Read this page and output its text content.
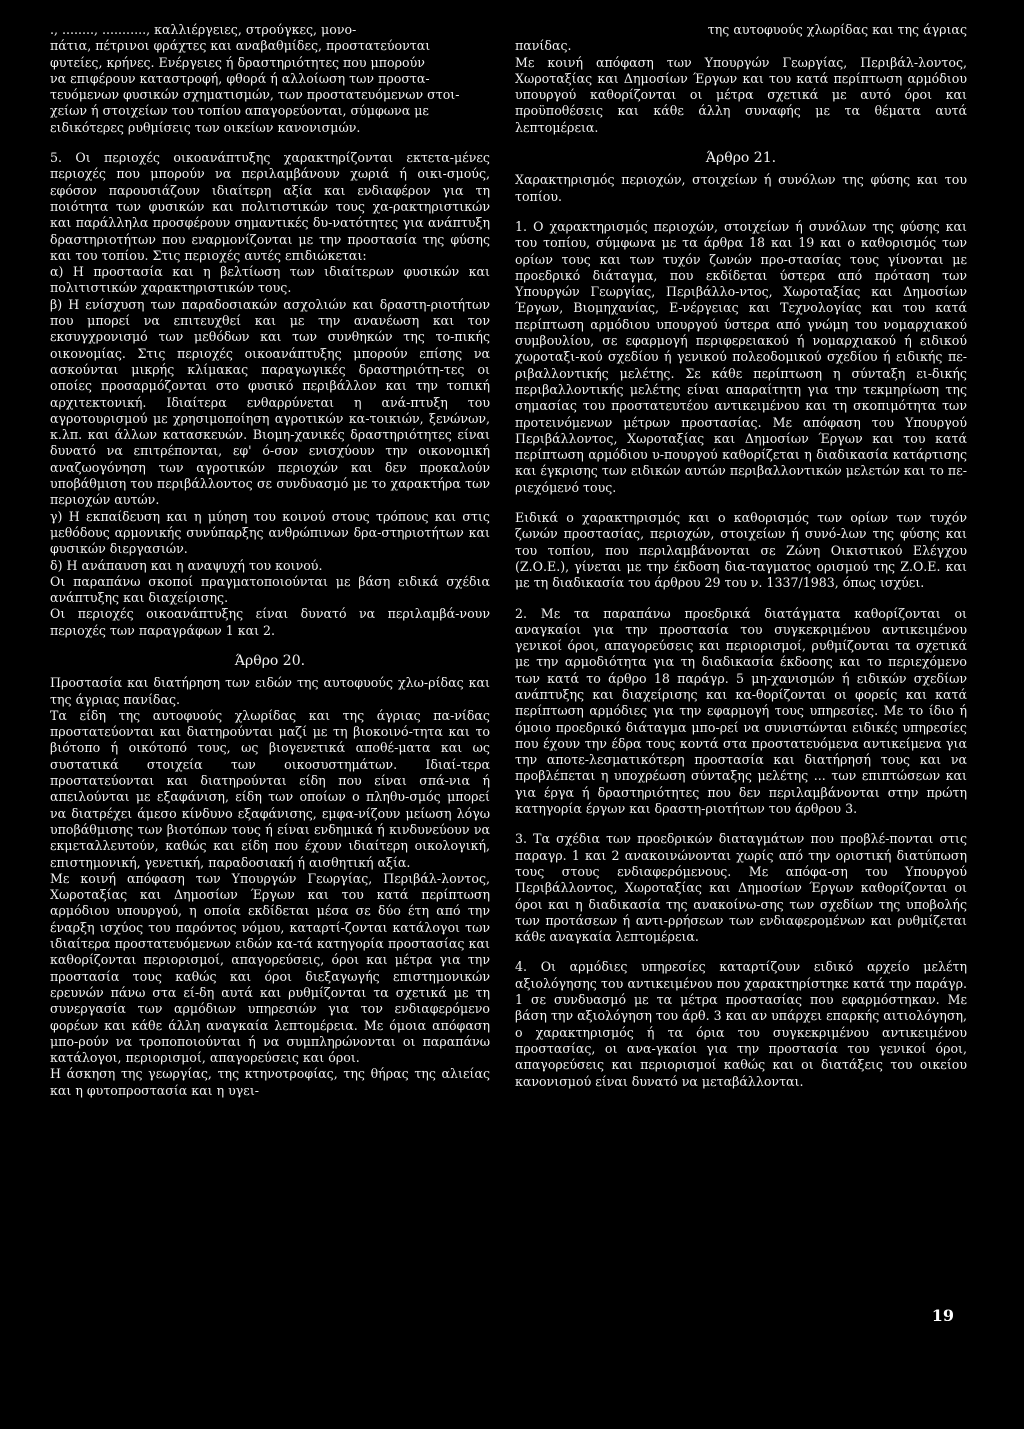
., ........, ..........., καλλιέργειες, στρούγκες, μονο-

πάτια, πέτρινοι φράχτες και αναβαθμίδες, προστατεύονται

φυτείες, κρήνες. Ενέργειες ή δραστηριότητες που μπορούν

να επιφέρουν καταστροφή, φθορά ή αλλοίωση των προστα-

τευόμενων φυσικών σχηματισμών, των προστατευόμενων στοι-

χείων ή στοιχείων του τοπίου απαγορεύονται, σύμφωνα με

ειδικότερες ρυθμίσεις των οικείων κανονισμών.

5. Οι περιοχές οικοανάπτυξης χαρακτηρίζονται εκτετα-μένες περιοχές που μπορούν να περιλαμβάνουν χωριά ή οικι-σμούς, εφόσον παρουσιάζουν ιδιαίτερη αξία και ενδιαφέρον για τη ποιότητα των φυσικών και πολιτιστικών τους χα-ρακτηριστικών και παράλληλα προσφέρουν σημαντικές δυ-νατότητες για ανάπτυξη δραστηριοτήτων που εναρμονίζονται με την προστασία της φύσης και του τοπίου. Στις περιοχές αυτές επιδιώκεται:

α) Η προστασία και η βελτίωση των ιδιαίτερων φυσικών και πολιτιστικών χαρακτηριστικών τους.

β) Η ενίσχυση των παραδοσιακών ασχολιών και δραστη-ριοτήτων που μπορεί να επιτευχθεί και με την ανανέωση και τον εκσυγχρονισμό των μεθόδων και των συνθηκών της το-πικής οικονομίας. Στις περιοχές οικοανάπτυξης μπορούν επίσης να ασκούνται μικρής κλίμακας παραγωγικές δραστηριότη-τες οι οποίες προσαρμόζονται στο φυσικό περιβάλλον και την τοπική αρχιτεκτονική. Ιδιαίτερα ενθαρρύνεται η ανά-πτυξη του αγροτουρισμού με χρησιμοποίηση αγροτικών κα-τοικιών, ξενώνων, κ.λπ. και άλλων κατασκευών. Βιομη-χανικές δραστηριότητες είναι δυνατό να επιτρέπονται, εφ' ό-σον ενισχύουν την οικονομική αναζωογόνηση των αγροτικών περιοχών και δεν προκαλούν υποβάθμιση του περιβάλλοντος σε συνδυασμό με το χαρακτήρα των περιοχών αυτών.

γ) Η εκπαίδευση και η μύηση του κοινού στους τρόπους και στις μεθόδους αρμονικής συνύπαρξης ανθρώπινων δρα-στηριοτήτων και φυσικών διεργασιών.

δ) Η ανάπαυση και η αναψυχή του κοινού.

Οι παραπάνω σκοποί πραγματοποιούνται με βάση ειδικά σχέδια ανάπτυξης και διαχείρισης.

Οι περιοχές οικοανάπτυξης είναι δυνατό να περιλαμβά-νουν περιοχές των παραγράφων 1 και 2.

Άρθρο 20.

Προστασία και διατήρηση των ειδών της αυτοφυούς χλω-ρίδας και της άγριας πανίδας.

Τα είδη της αυτοφυούς χλωρίδας και της άγριας πα-νίδας προστατεύονται και διατηρούνται μαζί με τη βιοκοινό-τητα και το βιότοπο ή οικότοπό τους, ως βιογενετικά αποθέ-ματα και ως συστατικά στοιχεία των οικοσυστημάτων. Ιδιαί-τερα προστατεύονται και διατηρούνται είδη που είναι σπά-νια ή απειλούνται με εξαφάνιση, είδη των οποίων ο πληθυ-σμός μπορεί να διατρέχει άμεσο κίνδυνο εξαφάνισης, εμφα-νίζουν μείωση λόγω υποβάθμισης των βιοτόπων τους ή είναι ενδημικά ή κινδυνεύουν να εκμεταλλευτούν, καθώς και είδη που έχουν ιδιαίτερη οικολογική, επιστημονική, γενετική, παραδοσιακή ή αισθητική αξία.

Με κοινή απόφαση των Υπουργών Γεωργίας, Περιβάλ-λοντος, Χωροταξίας και Δημοσίων Έργων και του κατά περίπτωση αρμόδιου υπουργού, η οποία εκδίδεται μέσα σε δύο έτη από την έναρξη ισχύος του παρόντος νόμου, καταρτί-ζονται κατάλογοι των ιδιαίτερα προστατευόμενων ειδών κα-τά κατηγορία προστασίας και καθορίζονται περιορισμοί, απαγορεύσεις, όροι και μέτρα για την προστασία τους καθώς και όροι διεξαγωγής επιστημονικών ερευνών πάνω στα εί-δη αυτά και ρυθμίζονται τα σχετικά με τη συνεργασία των αρμόδιων υπηρεσιών για τον ενδιαφερόμενο φορέων και κάθε άλλη αναγκαία λεπτομέρεια. Με όμοια απόφαση μπο-ρούν να τροποποιούνται ή να συμπληρώνονται οι παραπάνω κατάλογοι, περιορισμοί, απαγορεύσεις και όροι.

Η άσκηση της γεωργίας, της κτηνοτροφίας, της θήρας της αλιείας και η φυτοπροστασία και η υγει-

της αυτοφυούς χλωρίδας και της άγριας

πανίδας.

Με κοινή απόφαση των Υπουργών Γεωργίας, Περιβάλ-λοντος, Χωροταξίας και Δημοσίων Έργων και του κατά περίπτωση αρμόδιου υπουργού καθορίζονται οι μέτρα σχετικά με αυτό όροι και προϋποθέσεις και κάθε άλλη συναφής με τα θέματα αυτά λεπτομέρεια.

Άρθρο 21.

Χαρακτηρισμός περιοχών, στοιχείων ή συνόλων της φύσης και του τοπίου.

1. Ο χαρακτηρισμός περιοχών, στοιχείων ή συνόλων της φύσης και του τοπίου, σύμφωνα με τα άρθρα 18 και 19 και ο καθορισμός των ορίων τους και των τυχόν ζωνών προ-στασίας τους γίνονται με προεδρικό διάταγμα, που εκδίδεται ύστερα από πρόταση των Υπουργών Γεωργίας, Περιβάλλο-ντος, Χωροταξίας και Δημοσίων Έργων, Βιομηχανίας, Ε-νέργειας και Τεχνολογίας και του κατά περίπτωση αρμόδιου υπουργού ύστερα από γνώμη του νομαρχιακού συμβουλίου, σε εφαρμογή περιφερειακού ή νομαρχιακού ή ειδικού χωροταξι-κού σχεδίου ή γενικού πολεοδομικού σχεδίου ή ειδικής πε-ριβαλλοντικής μελέτης. Σε κάθε περίπτωση η σύνταξη ει-δικής περιβαλλοντικής μελέτης είναι απαραίτητη για την τεκμηρίωση της σημασίας του προστατευτέου αντικειμένου και τη σκοπιμότητα των προτεινόμενων μέτρων προστασίας. Με απόφαση του Υπουργού Περιβάλλοντος, Χωροταξίας και Δημοσίων Έργων και του κατά περίπτωση αρμόδιου υ-πουργού καθορίζεται η διαδικασία κατάρτισης και έγκρισης των ειδικών αυτών περιβαλλοντικών μελετών και το πε-ριεχόμενό τους.

Ειδικά ο χαρακτηρισμός και ο καθορισμός των ορίων των τυχόν ζωνών προστασίας, περιοχών, στοιχείων ή συνό-λων της φύσης και του τοπίου, που περιλαμβάνονται σε Ζώνη Οικιστικού Ελέγχου (Ζ.Ο.Ε.), γίνεται με την έκδοση δια-ταγματος ορισμού της Ζ.Ο.Ε. και με τη διαδικασία του άρθρου 29 του ν. 1337/1983, όπως ισχύει.

2. Με τα παραπάνω προεδρικά διατάγματα καθορίζονται οι αναγκαίοι για την προστασία του συγκεκριμένου αντικειμένου γενικοί όροι, απαγορεύσεις και περιορισμοί, ρυθμίζονται τα σχετικά με την αρμοδιότητα για τη διαδικασία έκδοσης και το περιεχόμενο των κατά το άρθρο 18 παράγρ. 5 μη-χανισμών ή ειδικών σχεδίων ανάπτυξης και διαχείρισης και κα-θορίζονται οι φορείς και κατά περίπτωση αρμόδιες για την εφαρμογή τους υπηρεσίες. Με το ίδιο ή όμοιο προεδρικό διάταγμα μπο-ρεί να συνιστώνται ειδικές υπηρεσίες που έχουν την έδρα τους κοντά στα προστατευόμενα αντικείμενα για την αποτε-λεσματικότερη προστασία και διατήρησή τους και να προβλέπεται η υποχρέωση σύνταξης μελέτης ... των επιπτώσεων και για έργα ή δραστηριότητες που δεν περιλαμβάνονται στην πρώτη κατηγορία έργων και δραστη-ριοτήτων του άρθρου 3.

3. Τα σχέδια των προεδρικών διαταγμάτων που προβλέ-πονται στις παραγρ. 1 και 2 ανακοινώνονται χωρίς από την οριστική διατύπωση τους στους ενδιαφερόμενους. Με απόφα-ση του Υπουργού Περιβάλλοντος, Χωροταξίας και Δημοσίων Έργων καθορίζονται οι όροι και η διαδικασία της ανακοίνω-σης των σχεδίων της υποβολής των προτάσεων ή αντι-ρρήσεων των ενδιαφερομένων και ρυθμίζεται κάθε αναγκαία λεπτομέρεια.

4. Οι αρμόδιες υπηρεσίες καταρτίζουν ειδικό αρχείο μελέτη αξιολόγησης του αντικειμένου που χαρακτηρίστηκε κατά την παράγρ. 1 σε συνδυασμό με τα μέτρα προστασίας που εφαρμόστηκαν. Με βάση την αξιολόγηση του άρθ. 3 και αν υπάρχει επαρκής αιτιολόγηση, ο χαρακτηρισμός ή τα όρια του συγκεκριμένου αντικειμένου προστασίας, οι ανα-γκαίοι για την προστασία του γενικοί όροι, απαγορεύσεις και περιορισμοί καθώς και οι διατάξεις του οικείου κανονισμού είναι δυνατό να μεταβάλλονται.

19
